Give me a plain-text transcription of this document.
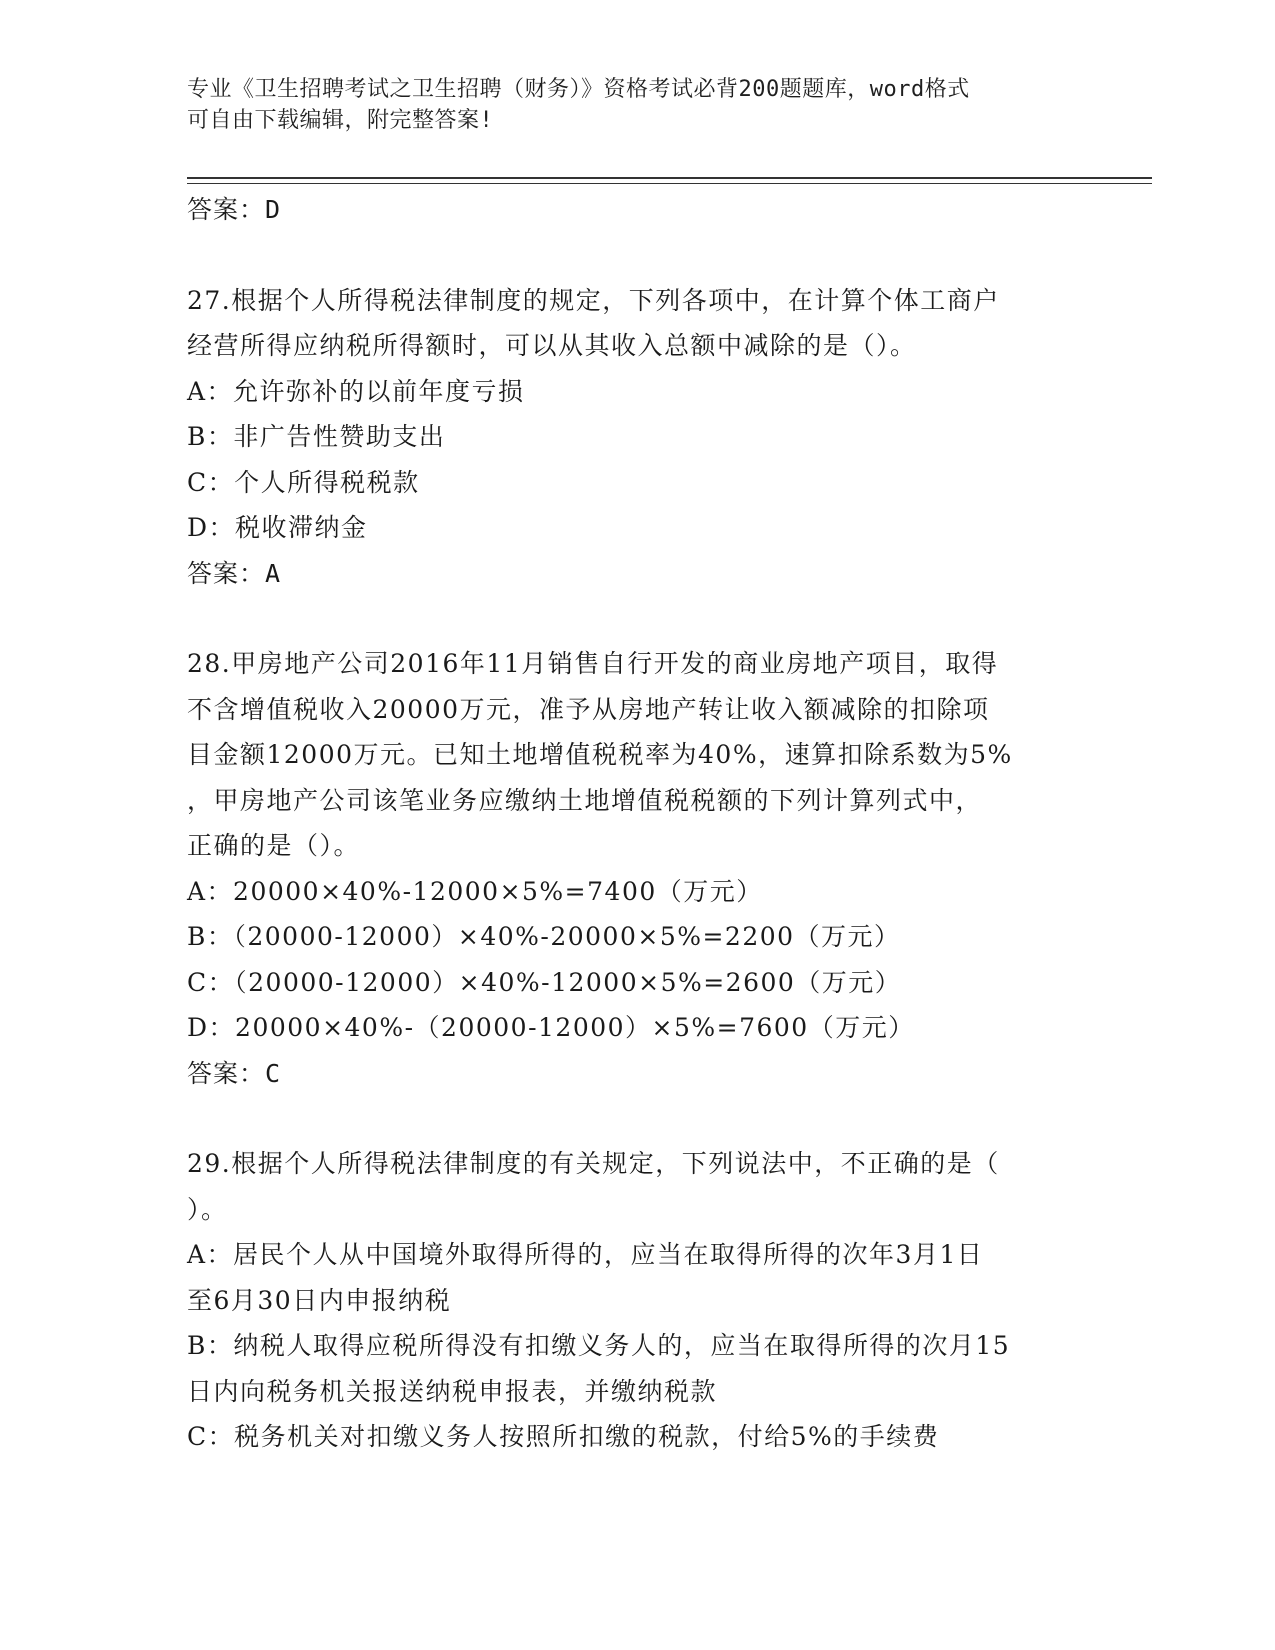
专业《卫生招聘考试之卫生招聘（财务）》资格考试必背200题题库，word格式

可自由下载编辑，附完整答案!

答案：D

27.根据个人所得税法律制度的规定，下列各项中，在计算个体工商户

经营所得应纳税所得额时，可以从其收入总额中减除的是（）。

A：允许弥补的以前年度亏损

B：非广告性赞助支出

C：个人所得税税款

D：税收滞纳金

答案：A

28.甲房地产公司2016年11月销售自行开发的商业房地产项目，取得

不含增值税收入20000万元，准予从房地产转让收入额减除的扣除项

目金额12000万元。已知土地增值税税率为40%，速算扣除系数为5%

，甲房地产公司该笔业务应缴纳土地增值税税额的下列计算列式中，

正确的是（）。

A：20000×40%-12000×5%=7400（万元）

B：（20000-12000）×40%-20000×5%=2200（万元）

C：（20000-12000）×40%-12000×5%=2600（万元）

D：20000×40%-（20000-12000）×5%=7600（万元）

答案：C

29.根据个人所得税法律制度的有关规定，下列说法中，不正确的是（

）。

A：居民个人从中国境外取得所得的，应当在取得所得的次年3月1日

至6月30日内申报纳税

B：纳税人取得应税所得没有扣缴义务人的，应当在取得所得的次月15

日内向税务机关报送纳税申报表，并缴纳税款

C：税务机关对扣缴义务人按照所扣缴的税款，付给5%的手续费
